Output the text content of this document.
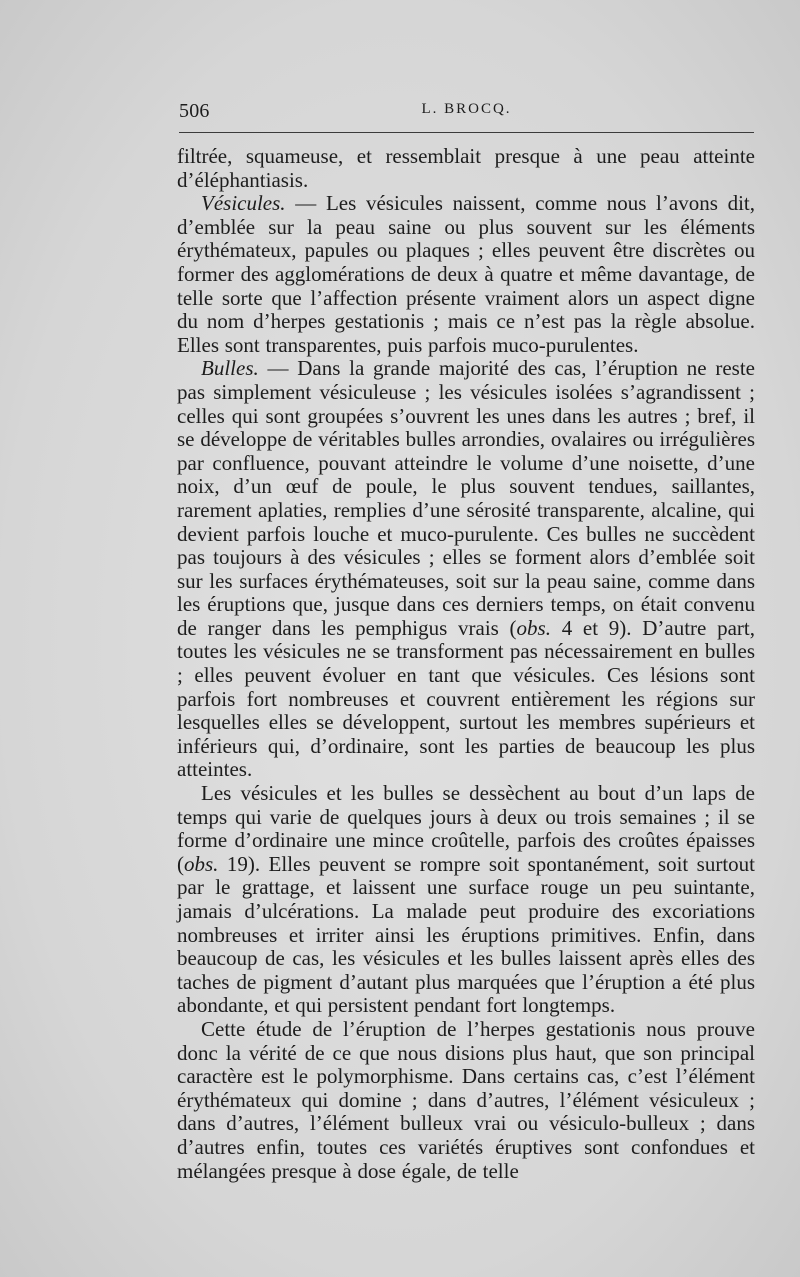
506	L. BROCQ.

filtrée, squameuse, et ressemblait presque à une peau atteinte d’éléphantiasis.

Vésicules. — Les vésicules naissent, comme nous l’avons dit, d’emblée sur la peau saine ou plus souvent sur les éléments érythémateux, papules ou plaques ; elles peuvent être discrètes ou former des agglomérations de deux à quatre et même davantage, de telle sorte que l’affection présente vraiment alors un aspect digne du nom d’herpes gestationis ; mais ce n’est pas la règle absolue. Elles sont transparentes, puis parfois muco-purulentes.

Bulles. — Dans la grande majorité des cas, l’éruption ne reste pas simplement vésiculeuse ; les vésicules isolées s’agrandissent ; celles qui sont groupées s’ouvrent les unes dans les autres ; bref, il se développe de véritables bulles arrondies, ovalaires ou irrégulières par confluence, pouvant atteindre le volume d’une noisette, d’une noix, d’un œuf de poule, le plus souvent tendues, saillantes, rarement aplaties, remplies d’une sérosité transparente, alcaline, qui devient parfois louche et muco-purulente. Ces bulles ne succèdent pas toujours à des vésicules ; elles se forment alors d’emblée soit sur les surfaces érythémateuses, soit sur la peau saine, comme dans les éruptions que, jusque dans ces derniers temps, on était convenu de ranger dans les pemphigus vrais (obs. 4 et 9). D’autre part, toutes les vésicules ne se transforment pas nécessairement en bulles ; elles peuvent évoluer en tant que vésicules. Ces lésions sont parfois fort nombreuses et couvrent entièrement les régions sur lesquelles elles se développent, surtout les membres supérieurs et inférieurs qui, d’ordinaire, sont les parties de beaucoup les plus atteintes.

Les vésicules et les bulles se dessèchent au bout d’un laps de temps qui varie de quelques jours à deux ou trois semaines ; il se forme d’ordinaire une mince croûtelle, parfois des croûtes épaisses (obs. 19). Elles peuvent se rompre soit spontanément, soit surtout par le grattage, et laissent une surface rouge un peu suintante, jamais d’ulcérations. La malade peut produire des excoriations nombreuses et irriter ainsi les éruptions primitives. Enfin, dans beaucoup de cas, les vésicules et les bulles laissent après elles des taches de pigment d’autant plus marquées que l’éruption a été plus abondante, et qui persistent pendant fort longtemps.

Cette étude de l’éruption de l’herpes gestationis nous prouve donc la vérité de ce que nous disions plus haut, que son principal caractère est le polymorphisme. Dans certains cas, c’est l’élément érythémateux qui domine ; dans d’autres, l’élément vésiculeux ; dans d’autres, l’élément bulleux vrai ou vésiculo-bulleux ; dans d’autres enfin, toutes ces variétés éruptives sont confondues et mélangées presque à dose égale, de telle
